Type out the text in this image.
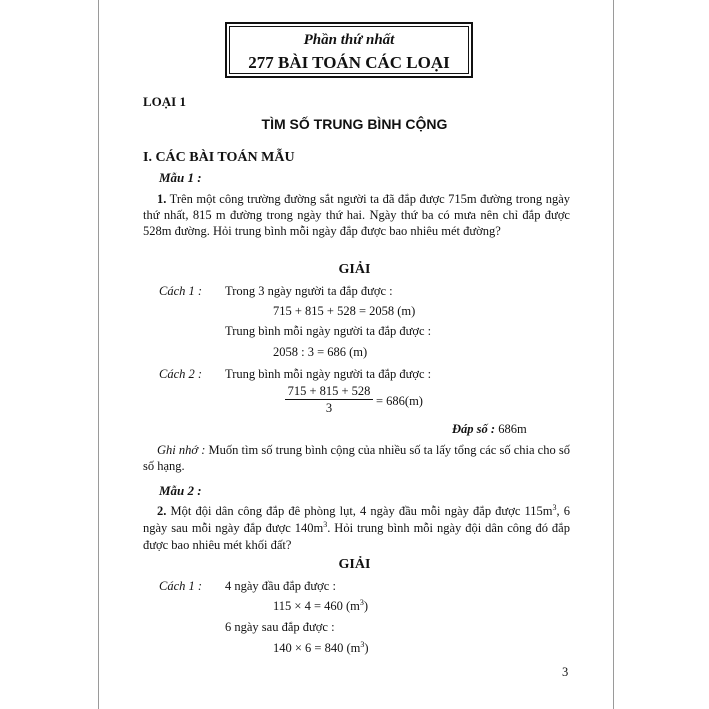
Phần thứ nhất
277 BÀI TOÁN CÁC LOẠI
LOẠI 1
TÌM SỐ TRUNG BÌNH CỘNG
I. CÁC BÀI TOÁN MẪU
Mẫu 1 :
1. Trên một công trường đường sắt người ta đã đắp được 715m đường trong ngày thứ nhất, 815 m đường trong ngày thứ hai. Ngày thứ ba có mưa nên chỉ đắp được 528m đường. Hỏi trung bình mỗi ngày đắp được bao nhiêu mét đường?
GIẢI
Cách 1 : Trong 3 ngày người ta đắp được :
715 + 815 + 528 = 2058 (m)
Trung bình mỗi ngày người ta đắp được :
2058 : 3 = 686 (m)
Cách 2 : Trung bình mỗi ngày người ta đắp được :
715 + 815 + 528
3	= 686(m)
Đáp số : 686m
Ghi nhớ : Muốn tìm số trung bình cộng của nhiều số ta lấy tổng các số chia cho số số hạng.
Mẫu 2 :
2. Một đội dân công đắp đê phòng lụt, 4 ngày đầu mỗi ngày đắp được $115m^3$, 6 ngày sau mỗi ngày đắp được $140m^3$. Hỏi trung bình mỗi ngày đội dân công đó đắp được bao nhiêu mét khối đất?
GIẢI
Cách 1 : 4 ngày đầu đắp được :
115 × 4 = 460 $(m^3)$
6 ngày sau đắp được :
140 × 6 = 840 $(m^3)$
3
